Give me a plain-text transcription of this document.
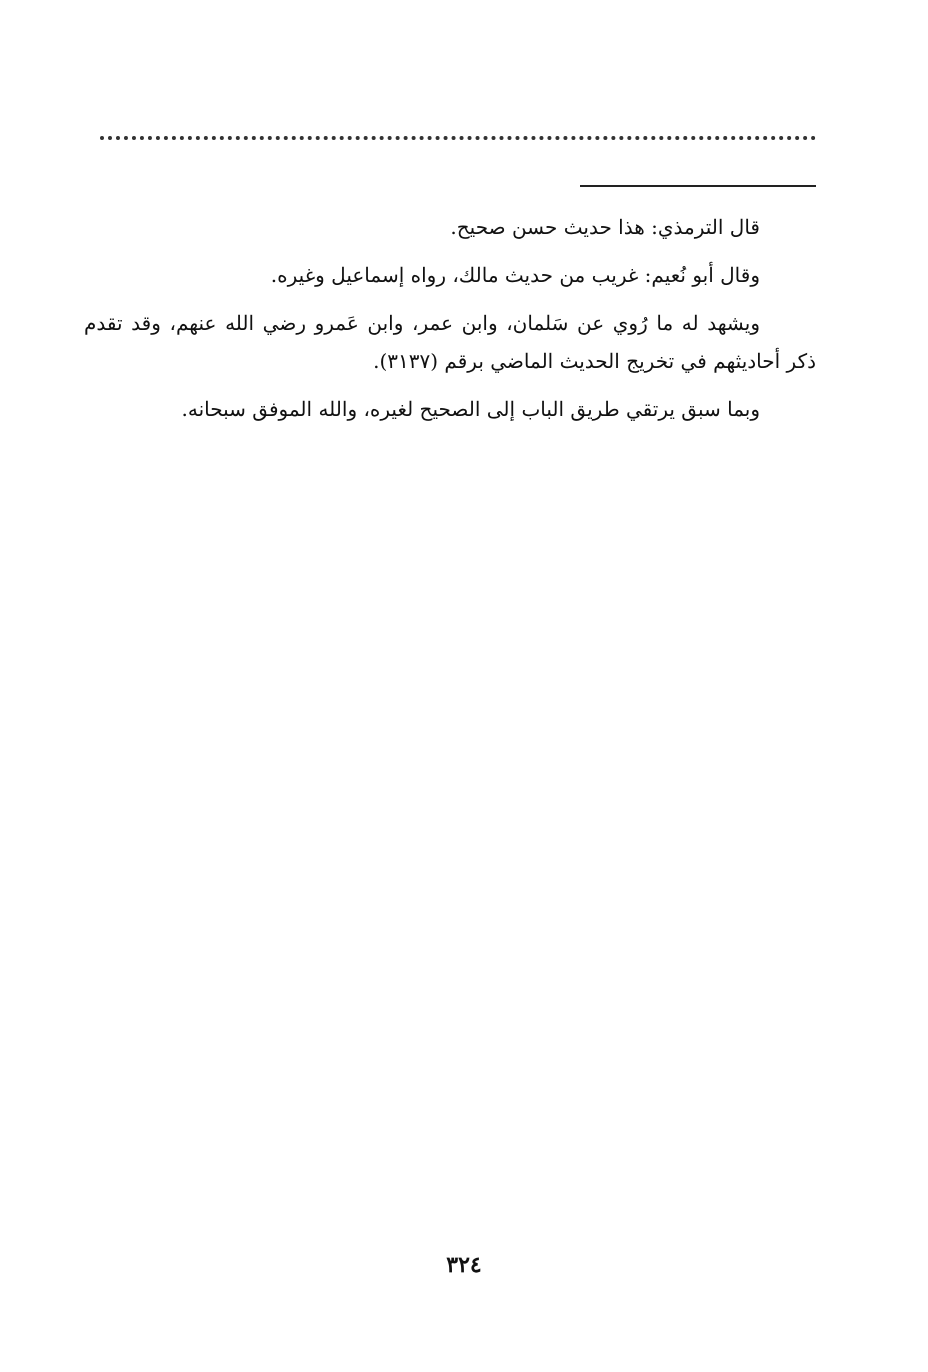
قال الترمذي: هذا حديث حسن صحيح.

وقال أبو نُعيم: غريب من حديث مالك، رواه إسماعيل وغيره.

ويشهد له ما رُوي عن سَلمان، وابن عمر، وابن عَمرو رضي الله عنهم، وقد تقدم ذكر أحاديثهم في تخريج الحديث الماضي برقم (٣١٣٧).

وبما سبق يرتقي طريق الباب إلى الصحيح لغيره، والله الموفق سبحانه.

٣٢٤
